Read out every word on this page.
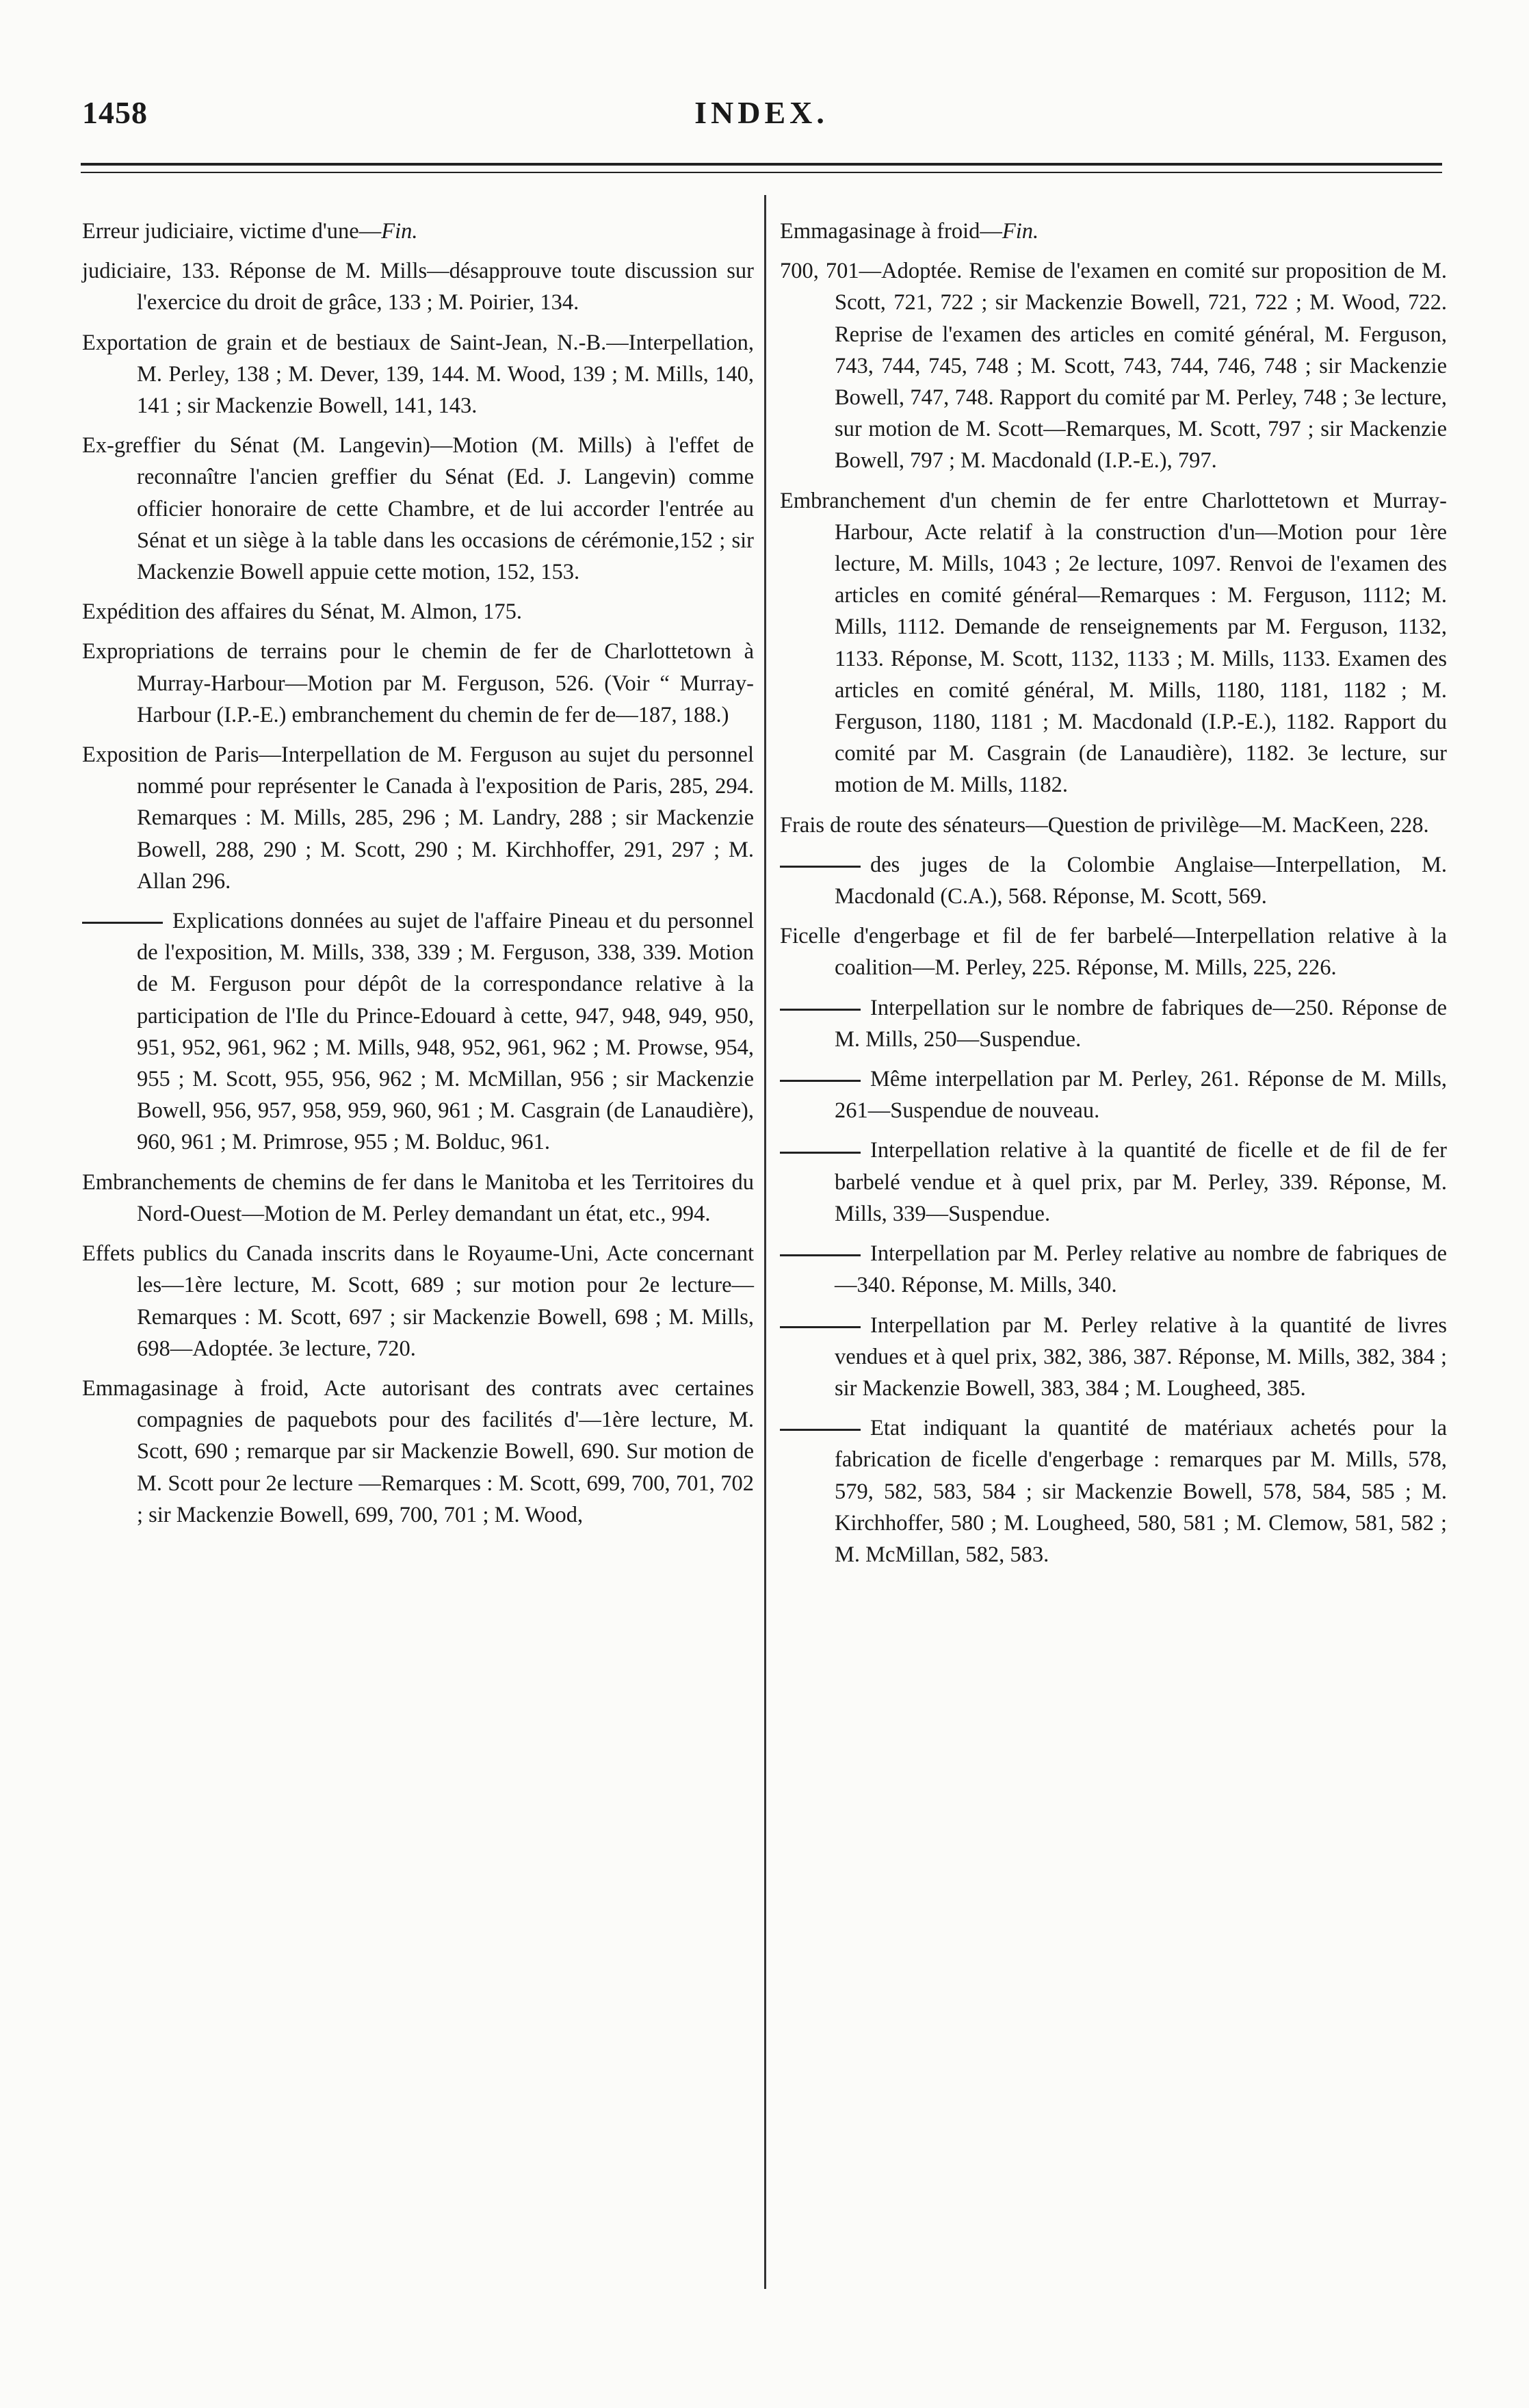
1458	INDEX.

Erreur judiciaire, victime d'une—Fin.

judiciaire, 133. Réponse de M. Mills—désapprouve toute discussion sur l'exercice du droit de grâce, 133 ; M. Poirier, 134.

Exportation de grain et de bestiaux de Saint-Jean, N.-B.—Interpellation, M. Perley, 138 ; M. Dever, 139, 144. M. Wood, 139 ; M. Mills, 140, 141 ; sir Mackenzie Bowell, 141, 143.

Ex-greffier du Sénat (M. Langevin)—Motion (M. Mills) à l'effet de reconnaître l'ancien greffier du Sénat (Ed. J. Langevin) comme officier honoraire de cette Chambre, et de lui accorder l'entrée au Sénat et un siège à la table dans les occasions de cérémonie,152 ; sir Mackenzie Bowell appuie cette motion, 152, 153.

Expédition des affaires du Sénat, M. Almon, 175.

Expropriations de terrains pour le chemin de fer de Charlottetown à Murray-Harbour—Motion par M. Ferguson, 526. (Voir “ Murray-Harbour (I.P.-E.) embranchement du chemin de fer de—187, 188.)

Exposition de Paris—Interpellation de M. Ferguson au sujet du personnel nommé pour représenter le Canada à l'exposition de Paris, 285, 294. Remarques : M. Mills, 285, 296 ; M. Landry, 288 ; sir Mackenzie Bowell, 288, 290 ; M. Scott, 290 ; M. Kirchhoffer, 291, 297 ; M. Allan 296.

Explications données au sujet de l'affaire Pineau et du personnel de l'exposition, M. Mills, 338, 339 ; M. Ferguson, 338, 339. Motion de M. Ferguson pour dépôt de la correspondance relative à la participation de l'Ile du Prince-Edouard à cette, 947, 948, 949, 950, 951, 952, 961, 962 ; M. Mills, 948, 952, 961, 962 ; M. Prowse, 954, 955 ; M. Scott, 955, 956, 962 ; M. McMillan, 956 ; sir Mackenzie Bowell, 956, 957, 958, 959, 960, 961 ; M. Casgrain (de Lanaudière), 960, 961 ; M. Primrose, 955 ; M. Bolduc, 961.

Embranchements de chemins de fer dans le Manitoba et les Territoires du Nord-Ouest—Motion de M. Perley demandant un état, etc., 994.

Effets publics du Canada inscrits dans le Royaume-Uni, Acte concernant les—1ère lecture, M. Scott, 689 ; sur motion pour 2e lecture—Remarques : M. Scott, 697 ; sir Mackenzie Bowell, 698 ; M. Mills, 698—Adoptée. 3e lecture, 720.

Emmagasinage à froid, Acte autorisant des contrats avec certaines compagnies de paquebots pour des facilités d'—1ère lecture, M. Scott, 690 ; remarque par sir Mackenzie Bowell, 690. Sur motion de M. Scott pour 2e lecture —Remarques : M. Scott, 699, 700, 701, 702 ; sir Mackenzie Bowell, 699, 700, 701 ; M. Wood,

Emmagasinage à froid—Fin.

700, 701—Adoptée. Remise de l'examen en comité sur proposition de M. Scott, 721, 722 ; sir Mackenzie Bowell, 721, 722 ; M. Wood, 722. Reprise de l'examen des articles en comité général, M. Ferguson, 743, 744, 745, 748 ; M. Scott, 743, 744, 746, 748 ; sir Mackenzie Bowell, 747, 748. Rapport du comité par M. Perley, 748 ; 3e lecture, sur motion de M. Scott—Remarques, M. Scott, 797 ; sir Mackenzie Bowell, 797 ; M. Macdonald (I.P.-E.), 797.

Embranchement d'un chemin de fer entre Charlottetown et Murray-Harbour, Acte relatif à la construction d'un—Motion pour 1ère lecture, M. Mills, 1043 ; 2e lecture, 1097. Renvoi de l'examen des articles en comité général—Remarques : M. Ferguson, 1112; M. Mills, 1112. Demande de renseignements par M. Ferguson, 1132, 1133. Réponse, M. Scott, 1132, 1133 ; M. Mills, 1133. Examen des articles en comité général, M. Mills, 1180, 1181, 1182 ; M. Ferguson, 1180, 1181 ; M. Macdonald (I.P.-E.), 1182. Rapport du comité par M. Casgrain (de Lanaudière), 1182. 3e lecture, sur motion de M. Mills, 1182.

Frais de route des sénateurs—Question de privilège—M. MacKeen, 228.

des juges de la Colombie Anglaise—Interpellation, M. Macdonald (C.A.), 568. Réponse, M. Scott, 569.

Ficelle d'engerbage et fil de fer barbelé—Interpellation relative à la coalition—M. Perley, 225. Réponse, M. Mills, 225, 226.

Interpellation sur le nombre de fabriques de—250. Réponse de M. Mills, 250—Suspendue.

Même interpellation par M. Perley, 261. Réponse de M. Mills, 261—Suspendue de nouveau.

Interpellation relative à la quantité de ficelle et de fil de fer barbelé vendue et à quel prix, par M. Perley, 339. Réponse, M. Mills, 339—Suspendue.

Interpellation par M. Perley relative au nombre de fabriques de—340. Réponse, M. Mills, 340.

Interpellation par M. Perley relative à la quantité de livres vendues et à quel prix, 382, 386, 387. Réponse, M. Mills, 382, 384 ; sir Mackenzie Bowell, 383, 384 ; M. Lougheed, 385.

Etat indiquant la quantité de matériaux achetés pour la fabrication de ficelle d'engerbage : remarques par M. Mills, 578, 579, 582, 583, 584 ; sir Mackenzie Bowell, 578, 584, 585 ; M. Kirchhoffer, 580 ; M. Lougheed, 580, 581 ; M. Clemow, 581, 582 ; M. McMillan, 582, 583.
